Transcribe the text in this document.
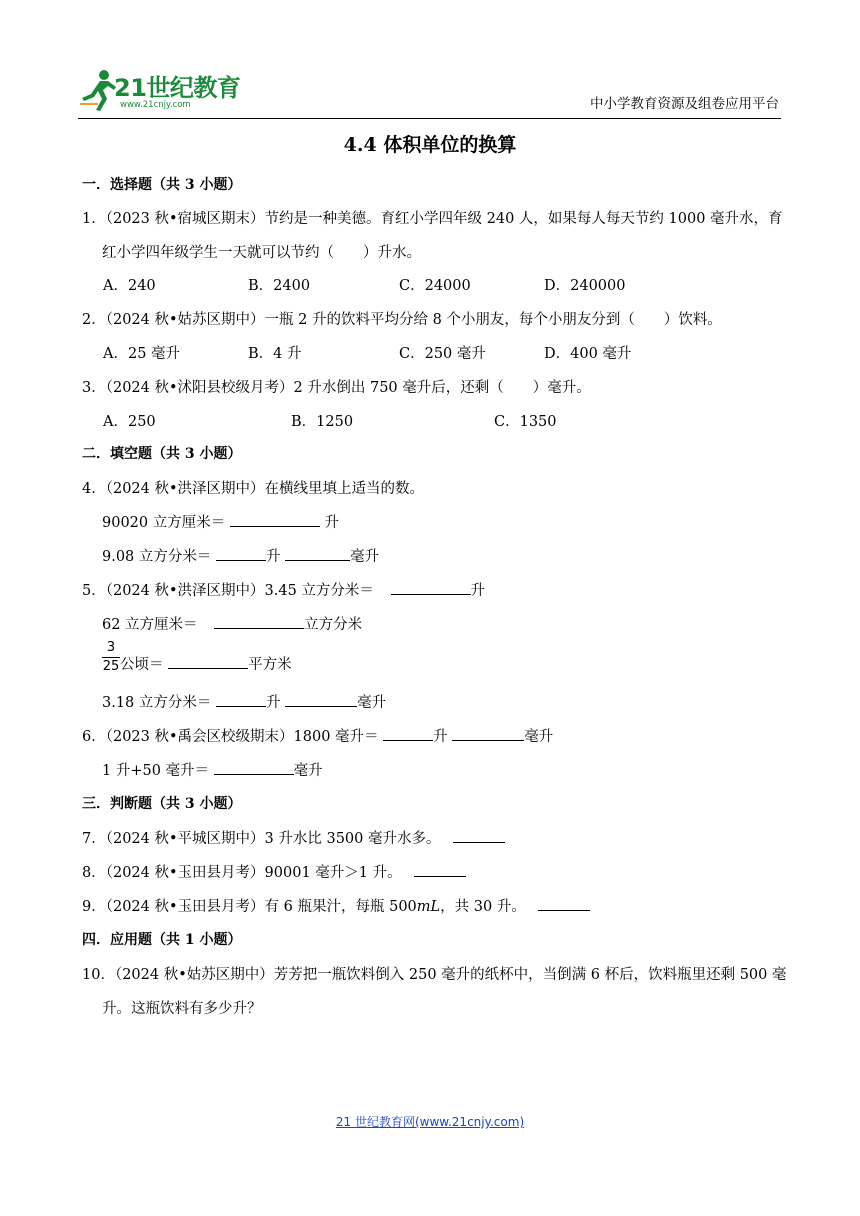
21世纪教育
www.21cnjy.com	中小学教育资源及组卷应用平台
4.4 体积单位的换算
一．选择题（共 3 小题）
1．（2023 秋•宿城区期末）节约是一种美德。育红小学四年级 240 人，如果每人每天节约 1000 毫升水，育
红小学四年级学生一天就可以节约（　　）升水。
A．240	B．2400	C．24000	D．240000
2．（2024 秋•姑苏区期中）一瓶 2 升的饮料平均分给 8 个小朋友，每个小朋友分到（　　）饮料。
A．25 毫升	B．4 升	C．250 毫升	D．400 毫升
3．（2024 秋•沭阳县校级月考）2 升水倒出 750 毫升后，还剩（　　）毫升。
A．250	B．1250	C．1350
二．填空题（共 3 小题）
4．（2024 秋•洪泽区期中）在横线里填上适当的数。
90020 立方厘米＝	升
9.08 立方分米＝	升	毫升
5．（2024 秋•洪泽区期中）3.45 立方分米＝	升
62 立方厘米＝	立方分米
3
25 公顷＝	平方米
3.18 立方分米＝	升	毫升
6．（2023 秋•禹会区校级期末）1800 毫升＝	升	毫升
1 升+50 毫升＝	毫升
三．判断题（共 3 小题）
7．（2024 秋•平城区期中）3 升水比 3500 毫升水多。
8．（2024 秋•玉田县月考）90001 毫升＞1 升。
9．（2024 秋•玉田县月考）有 6 瓶果汁，每瓶 500mL，共 30 升。
四．应用题（共 1 小题）
10．（2024 秋•姑苏区期中）芳芳把一瓶饮料倒入 250 毫升的纸杯中，当倒满 6 杯后，饮料瓶里还剩 500 毫
升。这瓶饮料有多少升？
21 世纪教育网(www.21cnjy.com)
